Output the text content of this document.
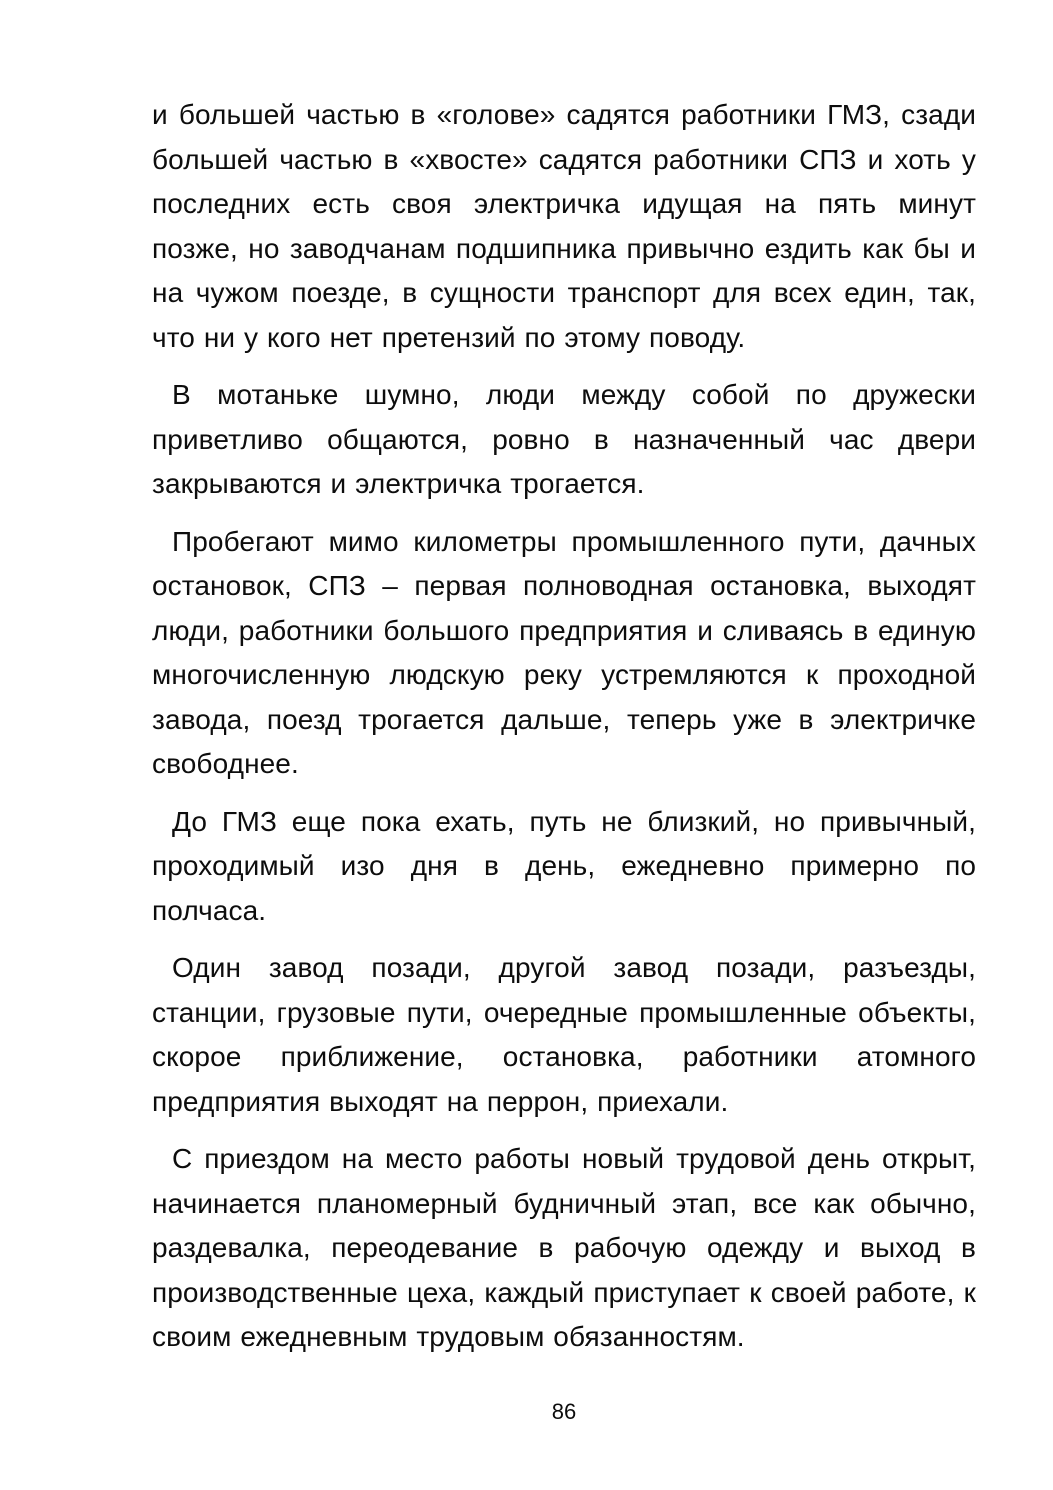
и большей частью в «голове» садятся работники ГМЗ, сзади большей частью в «хвосте» садятся работники СПЗ и хоть у последних есть своя электричка идущая на пять минут позже, но заводчанам подшипника привычно ездить как бы и на чужом поезде, в сущности транспорт для всех един, так, что ни у кого нет претензий по этому поводу.

В мотаньке шумно, люди между собой по дружески приветливо общаются, ровно в назначенный час двери закрываются и электричка трогается.

Пробегают мимо километры промышленного пути, дачных остановок, СПЗ – первая полноводная остановка, выходят люди, работники большого предприятия и сливаясь в единую многочисленную людскую реку устремляются к проходной завода, поезд трогается дальше, теперь уже в электричке свободнее.

До ГМЗ еще пока ехать, путь не близкий, но привычный, проходимый изо дня в день, ежедневно примерно по полчаса.

Один завод позади, другой завод позади, разъезды, станции, грузовые пути, очередные промышленные объекты, скорое приближение, остановка, работники атомного предприятия выходят на перрон, приехали.

С приездом на место работы новый трудовой день открыт, начинается планомерный будничный этап, все как обычно, раздевалка, переодевание в рабочую одежду и выход в производственные цеха, каждый приступает к своей работе, к своим ежедневным трудовым обязанностям.

86
